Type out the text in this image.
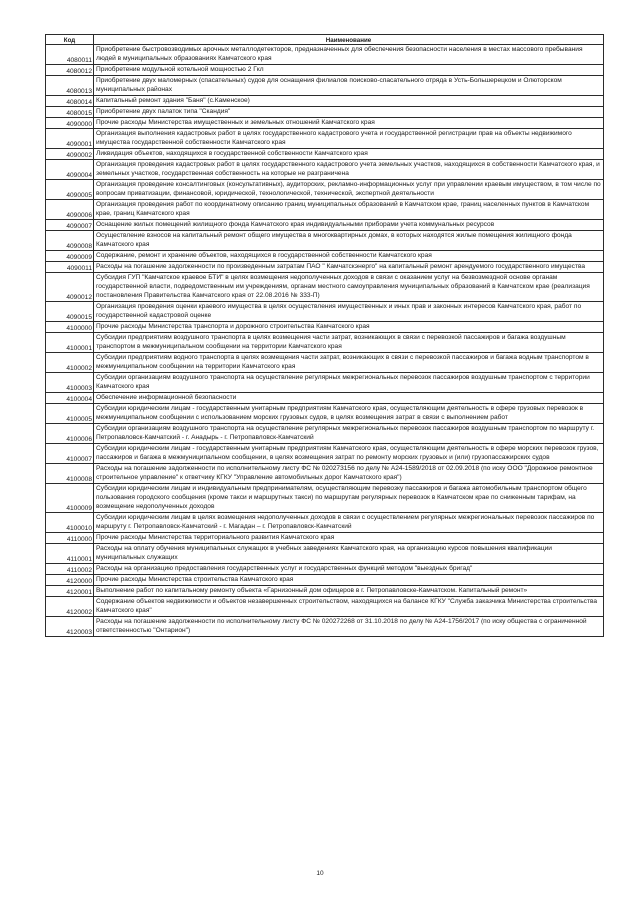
Код	Наименование
4080011	Приобретение быстровозводимых арочных металлодетекторов, предназначенных для обеспечения безопасности населения в местах массового пребывания людей в муниципальных образованиях Камчатского края
4080012	Приобретение модульной котельной мощностью 2 Гкл
4080013	Приобретение двух маломерных (спасательных) судов для оснащения филиалов поисково-спасательного отряда в Усть-Большерецком и Олюторском муниципальных районах
4080014	Капитальный ремонт здания "Баня" (с.Каменское)
4080015	Приобретение двух палаток типа "Скандия"
4090000	Прочие расходы Министерства имущественных и земельных отношений Камчатского края
4090001	Организация выполнения кадастровых работ в целях государственного кадастрового учета и государственной регистрации прав на объекты недвижимого имущества государственной собственности Камчатского края
4090002	Ликвидация объектов, находящихся в государственной собственности Камчатского края
4090004	Организация проведения кадастровых работ в целях государственного кадастрового учета земельных участков, находящихся в собственности Камчатского края, и земельных участков, государственная собственность на которые не разграничена
4090005	Организация проведение консалтинговых (консультативных), аудиторских, рекламно-информационных услуг при управлении краевым имуществом, в том числе по вопросам приватизации, финансовой, юридической, технологической, технической, экспертной деятельности
4090006	Организация проведения работ по координатному описанию границ муниципальных образований в Камчатском крае, границ населенных пунктов в Камчатском крае, границ Камчатского края
4090007	Оснащение жилых помещений жилищного фонда Камчатского края индивидуальными приборами учета коммунальных ресурсов
4090008	Осуществление взносов на капитальный ремонт общего имущества в многоквартирных домах, в которых находятся жилые помещения жилищного фонда Камчатского края
4090009	Содержание, ремонт и хранение объектов, находящихся в государственной собственности Камчатского края
4090011	Расходы на погашение задолженности по произведенным затратам ПАО " Камчатскэнерго" на капитальный ремонт арендуемого государственного имущества
4090012	Субсидия ГУП "Камчатское краевое БТИ" в целях возмещения недополученных доходов в связи с оказанием услуг на безвозмездной основе органам государственной власти, подведомственным им учреждениям, органам местного самоуправления муниципальных образований в Камчатском крае (реализация постановления Правительства Камчатского края от 22.08.2016 № 333-П)
4090015	Организация проведения оценки краевого имущества в целях осуществления имущественных и иных прав и законных интересов Камчатского края, работ по государственной кадастровой оценке
4100000	Прочие расходы Министерства транспорта и дорожного строительства Камчатского края
4100001	Субсидии предприятиям воздушного транспорта в целях возмещения части затрат, возникающих в связи с перевозкой пассажиров и багажа воздушным транспортом в межмуниципальном сообщении на территории Камчатского края
4100002	Субсидии предприятиям водного транспорта в целях возмещения части затрат, возникающих в связи с перевозкой пассажиров и багажа водным транспортом в межмуниципальном сообщении на территории Камчатского края
4100003	Субсидии организациям воздушного транспорта на осуществление регулярных межрегиональных перевозок пассажиров воздушным транспортом с территории Камчатского края
4100004	Обеспечение информационной безопасности
4100005	Субсидии юридическим лицам - государственным унитарным предприятиям Камчатского края, осуществляющим деятельность в сфере грузовых перевозок в межмуниципальном сообщении с использованием морских грузовых судов, в целях возмещения затрат в связи с выполнением работ
4100006	Субсидии организациям воздушного транспорта на осуществление регулярных межрегиональных перевозок пассажиров воздушным транспортом по маршруту г. Петропавловск-Камчатский - г. Анадырь - г. Петропавловск-Камчатский
4100007	Субсидии юридическим лицам - государственным унитарным предприятиям Камчатского края, осуществляющим деятельность в сфере морских перевозок грузов, пассажиров и багажа в межмуниципальном сообщении, в целях возмещения затрат по ремонту морских грузовых и (или) грузопассажирских судов
4100008	Расходы на погашение задолженности по исполнительному листу ФС № 020273156 по делу № А24-1589/2018 от 02.09.2018 (по иску ООО "Дорожное ремонтное строительное управление" к ответчику КГКУ "Управление автомобильных дорог Камчатского края")
4100009	Субсидии юридическим лицам и индивидуальным предпринимателям, осуществляющим перевозку пассажиров и багажа автомобильным транспортом общего пользования городского сообщения (кроме такси и маршрутных такси) по маршрутам регулярных перевозок в Камчатском крае по сниженным тарифам, на возмещение недополученных доходов
4100010	Субсидии юридическим лицам в целях возмещения недополученных доходов в связи с осуществлением регулярных межрегиональных перевозок пассажиров по маршруту г. Петропавловск-Камчатский - г. Магадан – г. Петропавловск-Камчатский
4110000	Прочие расходы Министерства территориального развития Камчатского края
4110001	Расходы на оплату обучения муниципальных служащих в учебных заведениях Камчатского края, на организацию курсов повышения квалификации муниципальных служащих
4110002	Расходы на организацию предоставления государственных услуг и государственных функций методом "выездных бригад"
4120000	Прочие расходы Министерства строительства Камчатского края
4120001	Выполнение работ по капитальному ремонту объекта «Гарнизонный дом офицеров в г. Петропавловске-Камчатском. Капитальный ремонт»
4120002	Содержание объектов недвижимости и объектов незавершенных строительством, находящихся на балансе КГКУ "Служба заказчика Министерства строительства Камчатского края"
4120003	Расходы на погашение задолженности по исполнительному листу ФС № 020272268 от 31.10.2018 по делу № А24-1756/2017 (по иску общества с ограниченной ответственностью "Онтарион")
10
